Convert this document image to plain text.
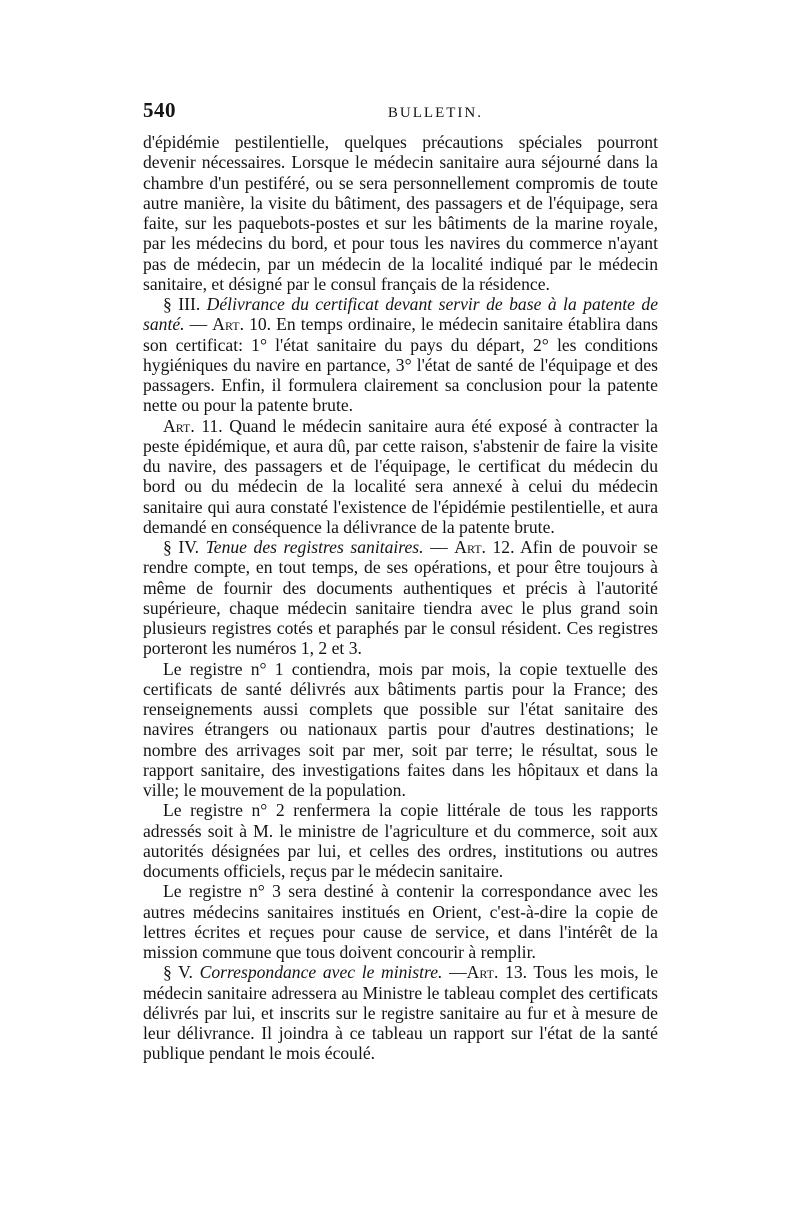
540	BULLETIN.

d'épidémie pestilentielle, quelques précautions spéciales pourront devenir nécessaires. Lorsque le médecin sanitaire aura séjourné dans la chambre d'un pestiféré, ou se sera personnellement compromis de toute autre manière, la visite du bâtiment, des passagers et de l'équipage, sera faite, sur les paquebots-postes et sur les bâtiments de la marine royale, par les médecins du bord, et pour tous les navires du commerce n'ayant pas de médecin, par un médecin de la localité indiqué par le médecin sanitaire, et désigné par le consul français de la résidence.

§ III. Délivrance du certificat devant servir de base à la patente de santé. — Art. 10. En temps ordinaire, le médecin sanitaire établira dans son certificat: 1° l'état sanitaire du pays du départ, 2° les conditions hygiéniques du navire en partance, 3° l'état de santé de l'équipage et des passagers. Enfin, il formulera clairement sa conclusion pour la patente nette ou pour la patente brute.

Art. 11. Quand le médecin sanitaire aura été exposé à contracter la peste épidémique, et aura dû, par cette raison, s'abstenir de faire la visite du navire, des passagers et de l'équipage, le certificat du médecin du bord ou du médecin de la localité sera annexé à celui du médecin sanitaire qui aura constaté l'existence de l'épidémie pestilentielle, et aura demandé en conséquence la délivrance de la patente brute.

§ IV. Tenue des registres sanitaires. — Art. 12. Afin de pouvoir se rendre compte, en tout temps, de ses opérations, et pour être toujours à même de fournir des documents authentiques et précis à l'autorité supérieure, chaque médecin sanitaire tiendra avec le plus grand soin plusieurs registres cotés et paraphés par le consul résident. Ces registres porteront les numéros 1, 2 et 3.

Le registre n° 1 contiendra, mois par mois, la copie textuelle des certificats de santé délivrés aux bâtiments partis pour la France; des renseignements aussi complets que possible sur l'état sanitaire des navires étrangers ou nationaux partis pour d'autres destinations; le nombre des arrivages soit par mer, soit par terre; le résultat, sous le rapport sanitaire, des investigations faites dans les hôpitaux et dans la ville; le mouvement de la population.

Le registre n° 2 renfermera la copie littérale de tous les rapports adressés soit à M. le ministre de l'agriculture et du commerce, soit aux autorités désignées par lui, et celles des ordres, institutions ou autres documents officiels, reçus par le médecin sanitaire.

Le registre n° 3 sera destiné à contenir la correspondance avec les autres médecins sanitaires institués en Orient, c'est-à-dire la copie de lettres écrites et reçues pour cause de service, et dans l'intérêt de la mission commune que tous doivent concourir à remplir.

§ V. Correspondance avec le ministre. —Art. 13. Tous les mois, le médecin sanitaire adressera au Ministre le tableau complet des certificats délivrés par lui, et inscrits sur le registre sanitaire au fur et à mesure de leur délivrance. Il joindra à ce tableau un rapport sur l'état de la santé publique pendant le mois écoulé.
